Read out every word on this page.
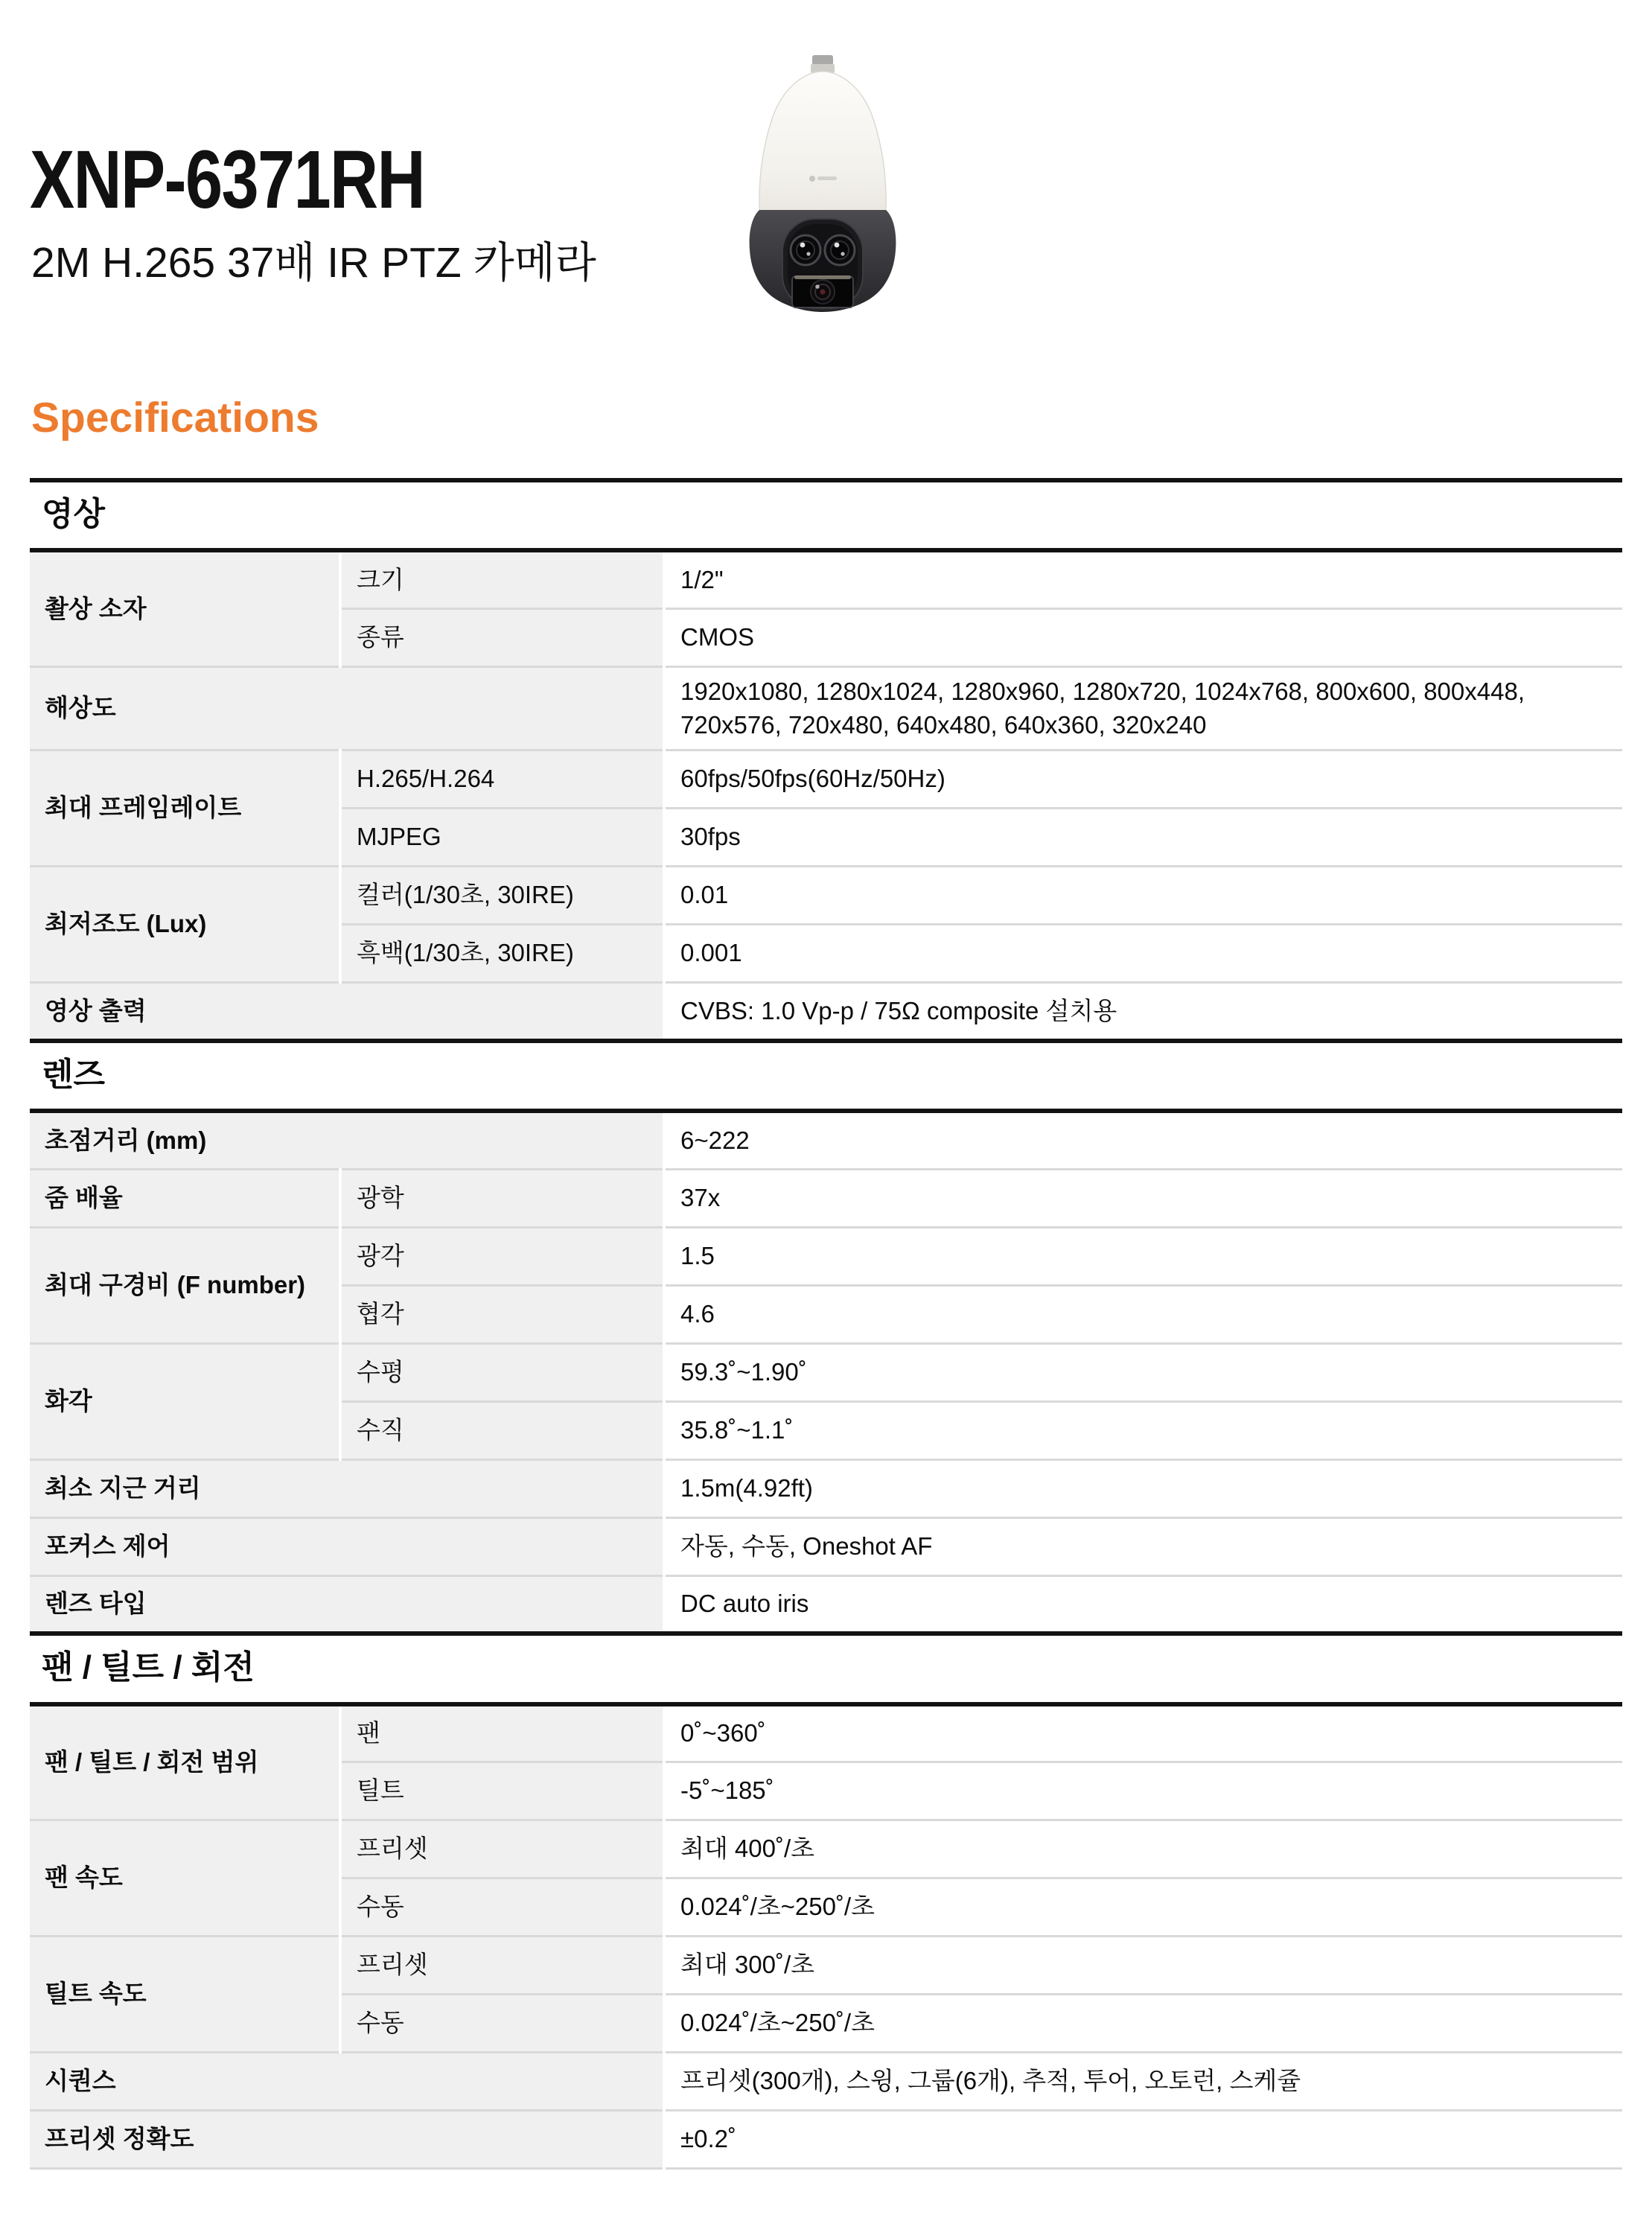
XNP-6371RH
2M H.265 37배 IR PTZ 카메라
Specifications
영상
촬상 소자	크기	1/2"
	종류	CMOS
해상도		1920x1080, 1280x1024, 1280x960, 1280x720, 1024x768, 800x600, 800x448, 720x576, 720x480, 640x480, 640x360, 320x240
최대 프레임레이트	H.265/H.264	60fps/50fps(60Hz/50Hz)
	MJPEG	30fps
최저조도 (Lux)	컬러(1/30초, 30IRE)	0.01
	흑백(1/30초, 30IRE)	0.001
영상 출력		CVBS: 1.0 Vp-p / 75Ω composite 설치용
렌즈
초점거리 (mm)		6~222
줌 배율	광학	37x
최대 구경비 (F number)	광각	1.5
	협각	4.6
화각	수평	59.3˚~1.90˚
	수직	35.8˚~1.1˚
최소 지근 거리		1.5m(4.92ft)
포커스 제어		자동, 수동, Oneshot AF
렌즈 타입		DC auto iris
팬 / 틸트 / 회전
팬 / 틸트 / 회전 범위	팬	0˚~360˚
	틸트	-5˚~185˚
팬 속도	프리셋	최대 400˚/초
	수동	0.024˚/초~250˚/초
틸트 속도	프리셋	최대 300˚/초
	수동	0.024˚/초~250˚/초
시퀀스		프리셋(300개), 스윙, 그룹(6개), 추적, 투어, 오토런, 스케쥴
프리셋 정확도		±0.2˚
